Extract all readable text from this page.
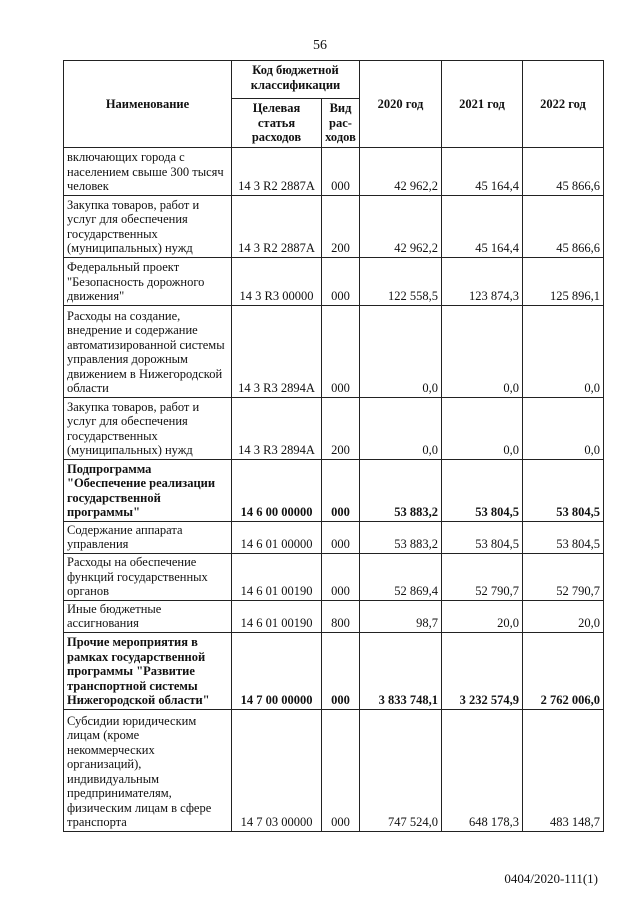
56
Наименование	Код бюджетной классификации		2020 год	2021 год	2022 год
	Целевая статья расходов	Вид рас-ходов			
включающих города с населением свыше 300 тысяч человек	14 3 R2 2887A	000	42 962,2	45 164,4	45 866,6
Закупка товаров, работ и услуг для обеспечения государственных (муниципальных) нужд	14 3 R2 2887A	200	42 962,2	45 164,4	45 866,6
Федеральный проект "Безопасность дорожного движения"	14 3 R3 00000	000	122 558,5	123 874,3	125 896,1
Расходы на создание, внедрение и содержание автоматизированной системы управления дорожным движением в Нижегородской области	14 3 R3 2894A	000	0,0	0,0	0,0
Закупка товаров, работ и услуг для обеспечения государственных (муниципальных) нужд	14 3 R3 2894A	200	0,0	0,0	0,0
Подпрограмма "Обеспечение реализации государственной программы"	14 6 00 00000	000	53 883,2	53 804,5	53 804,5
Содержание аппарата управления	14 6 01 00000	000	53 883,2	53 804,5	53 804,5
Расходы на обеспечение функций государственных органов	14 6 01 00190	000	52 869,4	52 790,7	52 790,7
Иные бюджетные ассигнования	14 6 01 00190	800	98,7	20,0	20,0
Прочие мероприятия в рамках государственной программы "Развитие транспортной системы Нижегородской области"	14 7 00 00000	000	3 833 748,1	3 232 574,9	2 762 006,0
Субсидии юридическим лицам (кроме некоммерческих организаций), индивидуальным предпринимателям, физическим лицам в сфере транспорта	14 7 03 00000	000	747 524,0	648 178,3	483 148,7
0404/2020-111(1)
